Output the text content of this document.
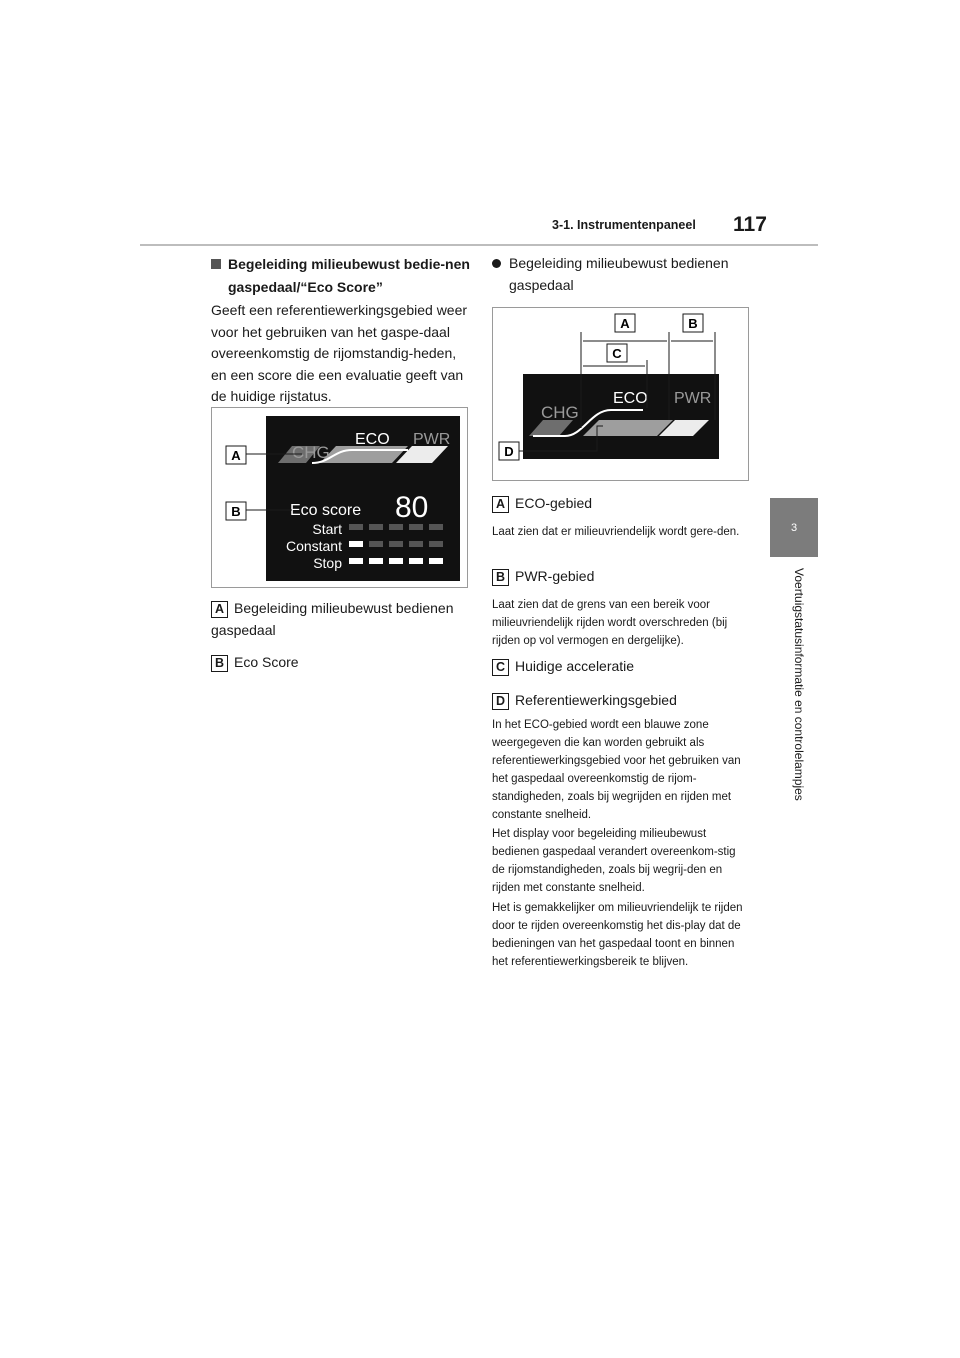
3-1. Instrumentenpaneel 117
3
Voertuigstatusinformatie en controlelampjes

Begeleiding milieubewust bedie-nen gaspedaal/“Eco Score”

Geeft een referentiewerkingsgebied weer voor het gebruiken van het gaspe-daal overeenkomstig de rijomstandig-heden, en een score die een evaluatie geeft van de huidige rijstatus.

CHG
ECO PWR
Eco score 80
Start
Constant
Stop
A
B
A Begeleiding milieubewust bedienen gaspedaal
B Eco Score

Begeleiding milieubewust bedienen gaspedaal

CHG
ECO PWR
A	B
C
D
A ECO-gebied

Laat zien dat er milieuvriendelijk wordt gere-den.

B PWR-gebied

Laat zien dat de grens van een bereik voor milieuvriendelijk rijden wordt overschreden (bij rijden op vol vermogen en dergelijke).

C Huidige acceleratie
D Referentiewerkingsgebied

In het ECO-gebied wordt een blauwe zone weergegeven die kan worden gebruikt als referentiewerkingsgebied voor het gebruiken van het gaspedaal overeenkomstig de rijom-standigheden, zoals bij wegrijden en rijden met constante snelheid.

Het display voor begeleiding milieubewust bedienen gaspedaal verandert overeenkom-stig de rijomstandigheden, zoals bij wegrij-den en rijden met constante snelheid.

Het is gemakkelijker om milieuvriendelijk te rijden door te rijden overeenkomstig het dis-play dat de bedieningen van het gaspedaal toont en binnen het referentiewerkingsbereik te blijven.
